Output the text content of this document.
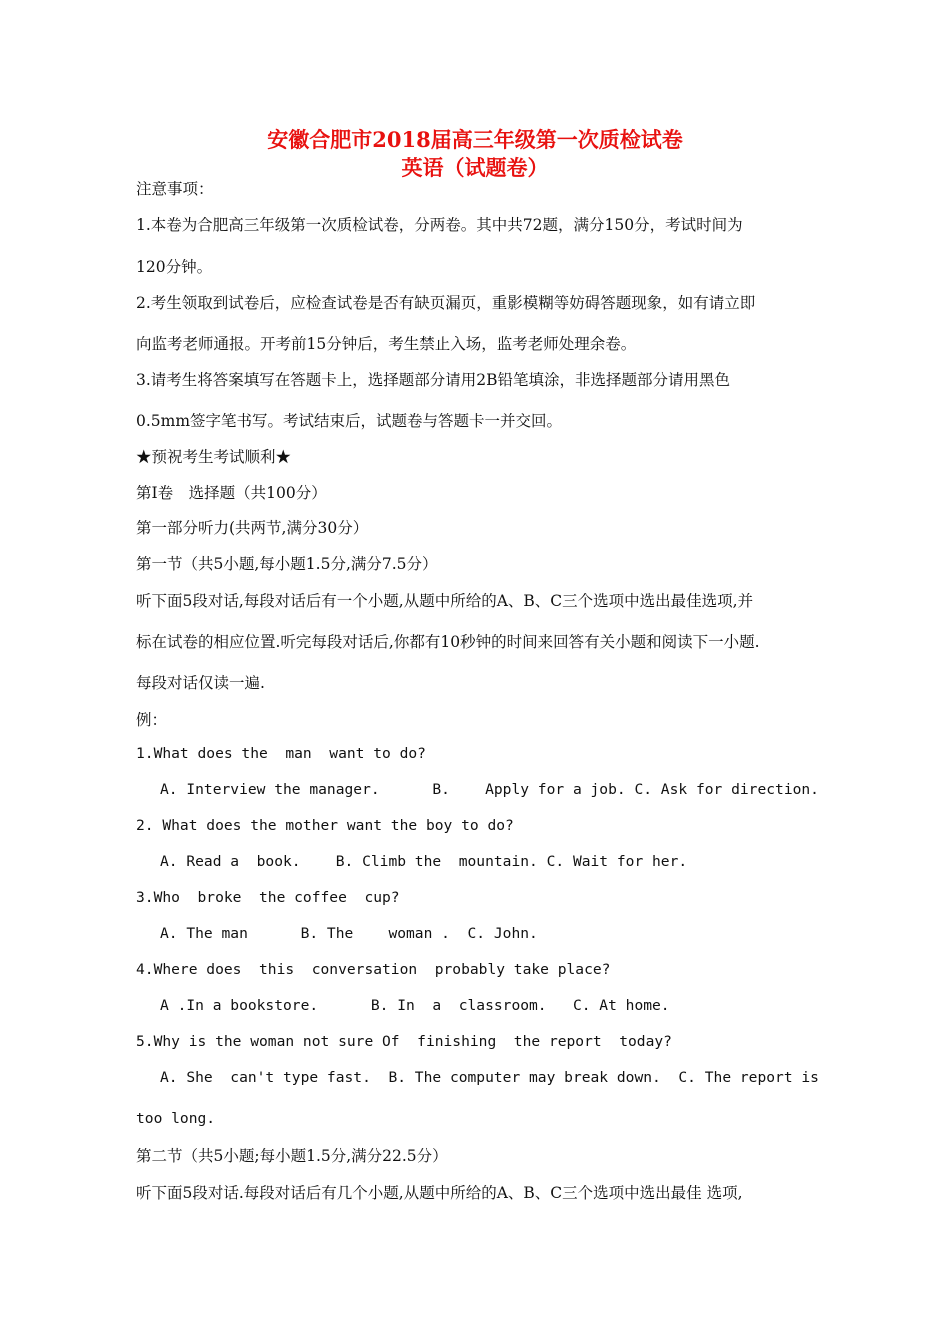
安徽合肥市2018届高三年级第一次质检试卷
英语（试题卷）
注意事项：
1.本卷为合肥高三年级第一次质检试卷，分两卷。其中共72题，满分150分，考试时间为
120分钟。
2.考生领取到试卷后，应检查试卷是否有缺页漏页，重影模糊等妨碍答题现象，如有请立即
向监考老师通报。开考前15分钟后，考生禁止入场，监考老师处理余卷。
3.请考生将答案填写在答题卡上，选择题部分请用2B铅笔填涂，非选择题部分请用黑色
0.5mm签字笔书写。考试结束后，试题卷与答题卡一并交回。
★预祝考生考试顺利★
第Ⅰ卷　选择题（共100分）
第一部分听力(共两节,满分30分）
第一节（共5小题,每小题1.5分,满分7.5分）
听下面5段对话,每段对话后有一个小题,从题中所给的A、B、C三个选项中选出最佳选项,并
标在试卷的相应位置.听完每段对话后,你都有10秒钟的时间来回答有关小题和阅读下一小题.
每段对话仅读一遍.
例：
1.What does the  man  want to do?
A. Interview the manager.      B.    Apply for a job. C. Ask for direction.
2. What does the mother want the boy to do?
A. Read a  book.    B. Climb the  mountain. C. Wait for her.
3.Who  broke  the coffee  cup?
A. The man      B. The    woman .  C. John.
4.Where does  this  conversation  probably take place?
A .In a bookstore.      B. In  a  classroom.   C. At home.
5.Why is the woman not sure Of  finishing  the report  today?
A. She  can't type fast.  B. The computer may break down.  C. The report is
too long.
第二节（共5小题;每小题1.5分,满分22.5分）
听下面5段对话.每段对话后有几个小题,从题中所给的A、B、C三个选项中选出最佳 选项,
